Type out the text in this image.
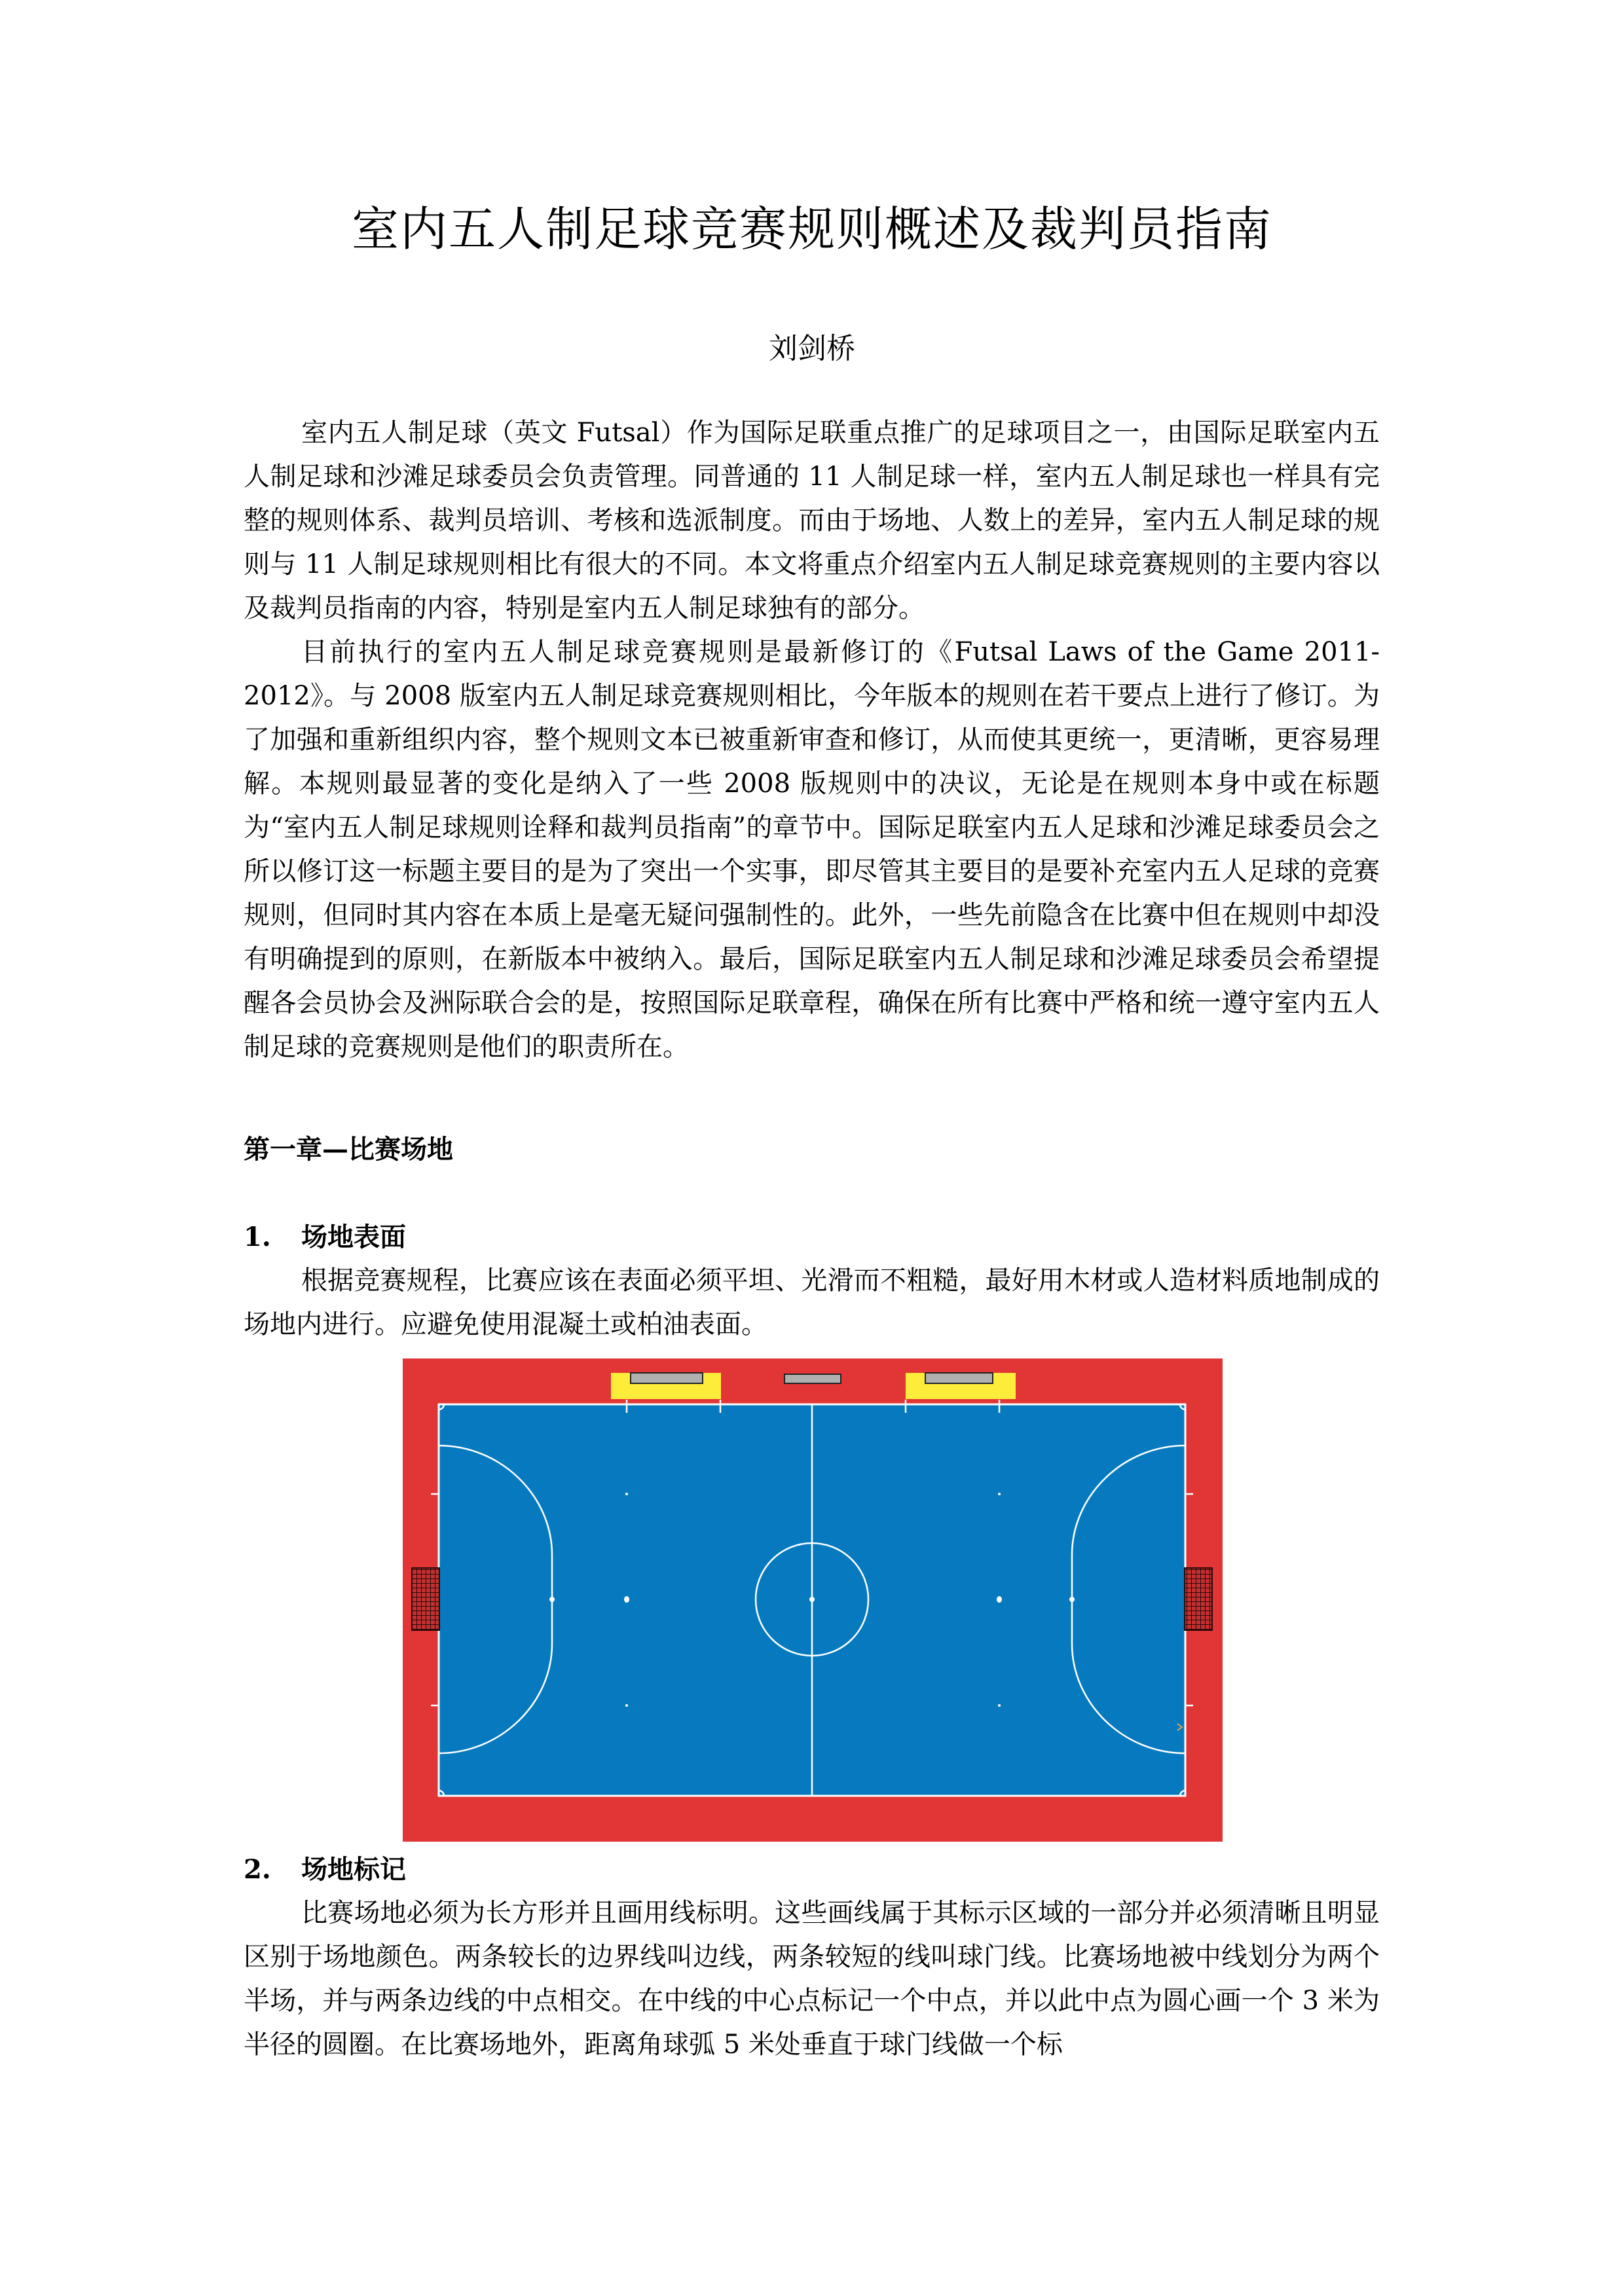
室内五人制足球竞赛规则概述及裁判员指南
刘剑桥

室内五人制足球（英文 Futsal）作为国际足联重点推广的足球项目之一，由国际足联室内五人制足球和沙滩足球委员会负责管理。同普通的 11 人制足球一样，室内五人制足球也一样具有完整的规则体系、裁判员培训、考核和选派制度。而由于场地、人数上的差异，室内五人制足球的规则与 11 人制足球规则相比有很大的不同。本文将重点介绍室内五人制足球竞赛规则的主要内容以及裁判员指南的内容，特别是室内五人制足球独有的部分。

目前执行的室内五人制足球竞赛规则是最新修订的《Futsal Laws of the Game 2011-2012》。与 2008 版室内五人制足球竞赛规则相比，今年版本的规则在若干要点上进行了修订。为了加强和重新组织内容，整个规则文本已被重新审查和修订，从而使其更统一，更清晰，更容易理解。本规则最显著的变化是纳入了一些 2008 版规则中的决议，无论是在规则本身中或在标题为“室内五人制足球规则诠释和裁判员指南”的章节中。国际足联室内五人足球和沙滩足球委员会之所以修订这一标题主要目的是为了突出一个实事，即尽管其主要目的是要补充室内五人足球的竞赛规则，但同时其内容在本质上是毫无疑问强制性的。此外，一些先前隐含在比赛中但在规则中却没有明确提到的原则，在新版本中被纳入。最后，国际足联室内五人制足球和沙滩足球委员会希望提醒各会员协会及洲际联合会的是，按照国际足联章程，确保在所有比赛中严格和统一遵守室内五人制足球的竞赛规则是他们的职责所在。

第一章—比赛场地

1. 场地表面

根据竞赛规程，比赛应该在表面必须平坦、光滑而不粗糙，最好用木材或人造材料质地制成的场地内进行。应避免使用混凝土或柏油表面。

2. 场地标记

比赛场地必须为长方形并且画用线标明。这些画线属于其标示区域的一部分并必须清晰且明显区别于场地颜色。两条较长的边界线叫边线，两条较短的线叫球门线。比赛场地被中线划分为两个半场，并与两条边线的中点相交。在中线的中心点标记一个中点，并以此中点为圆心画一个 3 米为半径的圆圈。在比赛场地外，距离角球弧 5 米处垂直于球门线做一个标
